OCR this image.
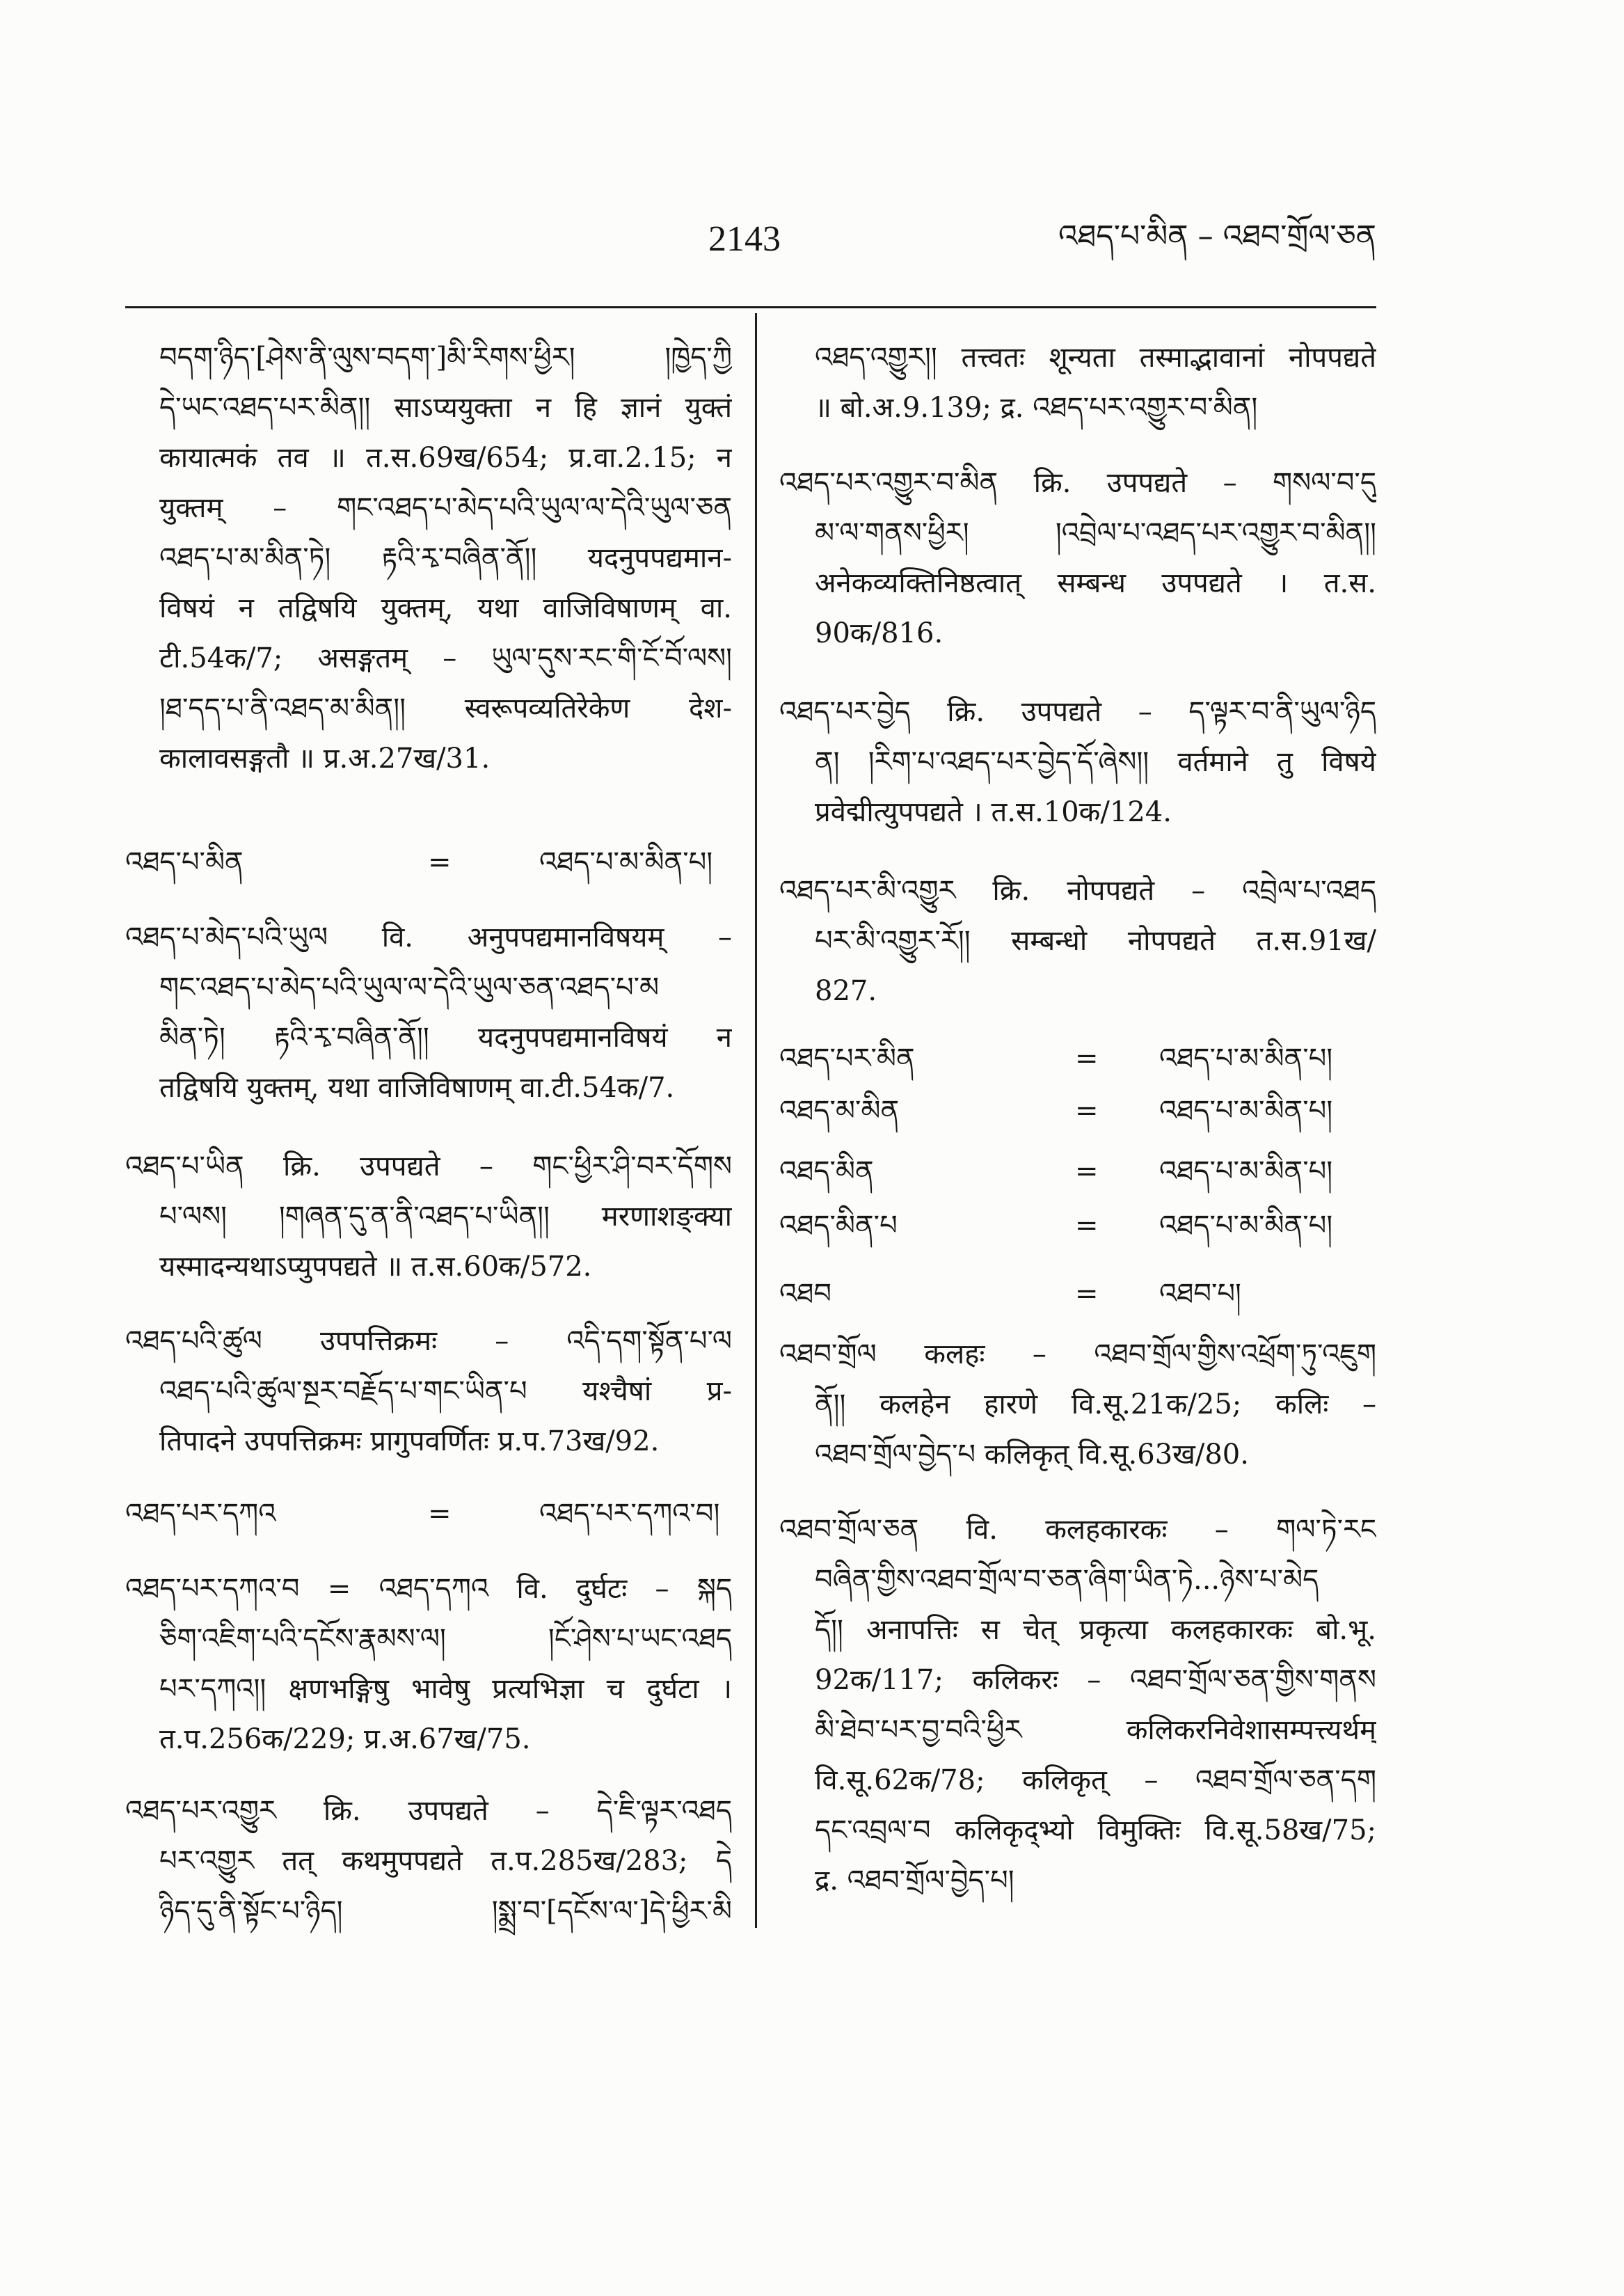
2143	འཐད་པ་མིན – འཐབ་གྲོལ་ཅན
བདག་ཉིད་[ཤེས་ནི་ལུས་བདག་]མི་རིགས་ཕྱིར། །ཁྱེད་ཀྱི
དེ་ཡང་འཐད་པར་མིན།། साऽप्ययुक्ता न हि ज्ञानं युक्तं
कायात्मकं तव ॥ त.स.69ख/654; प्र.वा.2.15; न
युक्तम् – གང་འཐད་པ་མེད་པའི་ཡུལ་ལ་དེའི་ཡུལ་ཅན
འཐད་པ་མ་མིན་ཏེ། རྟའི་རྭ་བཞིན་ནོ།། यदनुपपद्यमान-
विषयं न तद्विषयि युक्तम्, यथा वाजिविषाणम् वा.
टी.54क/7; असङ्गतम् – ཡུལ་དུས་རང་གི་ངོ་བོ་ལས།
།ཐ་དད་པ་ནི་འཐད་མ་མིན།། स्वरूपव्यतिरेकेण देश-
कालावसङ्गतौ ॥ प्र.अ.27ख/31.
འཐད་པ་མིན	=	འཐད་པ་མ་མིན་པ།
འཐད་པ་མེད་པའི་ཡུལ वि. अनुपपद्यमानविषयम् –
གང་འཐད་པ་མེད་པའི་ཡུལ་ལ་དེའི་ཡུལ་ཅན་འཐད་པ་མ
མིན་ཏེ། རྟའི་རྭ་བཞིན་ནོ།། यदनुपपद्यमानविषयं न
तद्विषयि युक्तम्, यथा वाजिविषाणम् वा.टी.54क/7.
འཐད་པ་ཡིན क्रि. उपपद्यते – གང་ཕྱིར་ཤི་བར་དོགས
པ་ལས། །གཞན་དུ་ན་ནི་འཐད་པ་ཡིན།། मरणाशङ्क्या
यस्मादन्यथाऽप्युपपद्यते ॥ त.स.60क/572.
འཐད་པའི་ཚུལ उपपत्तिक्रमः – འདི་དག་སྟོན་པ་ལ
འཐད་པའི་ཚུལ་སྔར་བརྗོད་པ་གང་ཡིན་པ यश्चैषां प्र-
तिपादने उपपत्तिक्रमः प्रागुपवर्णितः प्र.प.73ख/92.
འཐད་པར་དཀའ	=	འཐད་པར་དཀའ་བ།
འཐད་པར་དཀའ་བ = འཐད་དཀའ वि. दुर्घटः – སྐད
ཅིག་འཇིག་པའི་དངོས་རྣམས་ལ། །ངོ་ཤེས་པ་ཡང་འཐད
པར་དཀའ།། क्षणभङ्गिषु भावेषु प्रत्यभिज्ञा च दुर्घटा ।
त.प.256क/229; प्र.अ.67ख/75.
འཐད་པར་འགྱུར क्रि. उपपद्यते – དེ་ཇི་ལྟར་འཐད
པར་འགྱུར तत् कथमुपपद्यते त.प.285ख/283; དེ
ཉིད་དུ་ནི་སྟོང་པ་ཉིད། །སྨྲ་བ་[དངོས་ལ་]དེ་ཕྱིར་མི
འཐད་འགྱུར།། तत्त्वतः शून्यता तस्माद्भावानां नोपपद्यते
॥ बो.अ.9.139; द्र. འཐད་པར་འགྱུར་བ་མིན།
འཐད་པར་འགྱུར་བ་མིན क्रि. उपपद्यते – གསལ་བ་དུ
མ་ལ་གནས་ཕྱིར། །འབྲེལ་པ་འཐད་པར་འགྱུར་བ་མིན།།
अनेकव्यक्तिनिष्ठत्वात् सम्बन्ध उपपद्यते । त.स.
90क/816.
འཐད་པར་བྱེད क्रि. उपपद्यते – ད་ལྟར་བ་ནི་ཡུལ་ཉིད
ན། །རིག་པ་འཐད་པར་བྱེད་དོ་ཞེས།། वर्तमाने तु विषये
प्रवेद्मीत्युपपद्यते । त.स.10क/124.
འཐད་པར་མི་འགྱུར क्रि. नोपपद्यते – འབྲེལ་པ་འཐད
པར་མི་འགྱུར་རོ།། सम्बन्धो नोपपद्यते त.स.91ख/
827.
འཐད་པར་མིན	= འཐད་པ་མ་མིན་པ།
འཐད་མ་མིན	= འཐད་པ་མ་མིན་པ།
འཐད་མིན	= འཐད་པ་མ་མིན་པ།
འཐད་མིན་པ	= འཐད་པ་མ་མིན་པ།
འཐབ	= འཐབ་པ།
འཐབ་གྲོལ कलहः – འཐབ་གྲོལ་གྱིས་འཕྲོག་ཏུ་འཇུག
ནོ།། कलहेन हारणे वि.सू.21क/25; कलिः –
འཐབ་གྲོལ་བྱེད་པ कलिकृत् वि.सू.63ख/80.
འཐབ་གྲོལ་ཅན वि. कलहकारकः – གལ་ཏེ་རང
བཞིན་གྱིས་འཐབ་གྲོལ་བ་ཅན་ཞིག་ཡིན་ཏེ...ཉེས་པ་མེད
དོ།། अनापत्तिः स चेत् प्रकृत्या कलहकारकः बो.भू.
92क/117; कलिकरः – འཐབ་གྲོལ་ཅན་གྱིས་གནས
མི་ཐེབ་པར་བྱ་བའི་ཕྱིར कलिकरनिवेशासम्पत्त्यर्थम्
वि.सू.62क/78; कलिकृत् – འཐབ་གྲོལ་ཅན་དག
དང་འབྲལ་བ कलिकृद्भ्यो विमुक्तिः वि.सू.58ख/75;
द्र. འཐབ་གྲོལ་བྱེད་པ།
